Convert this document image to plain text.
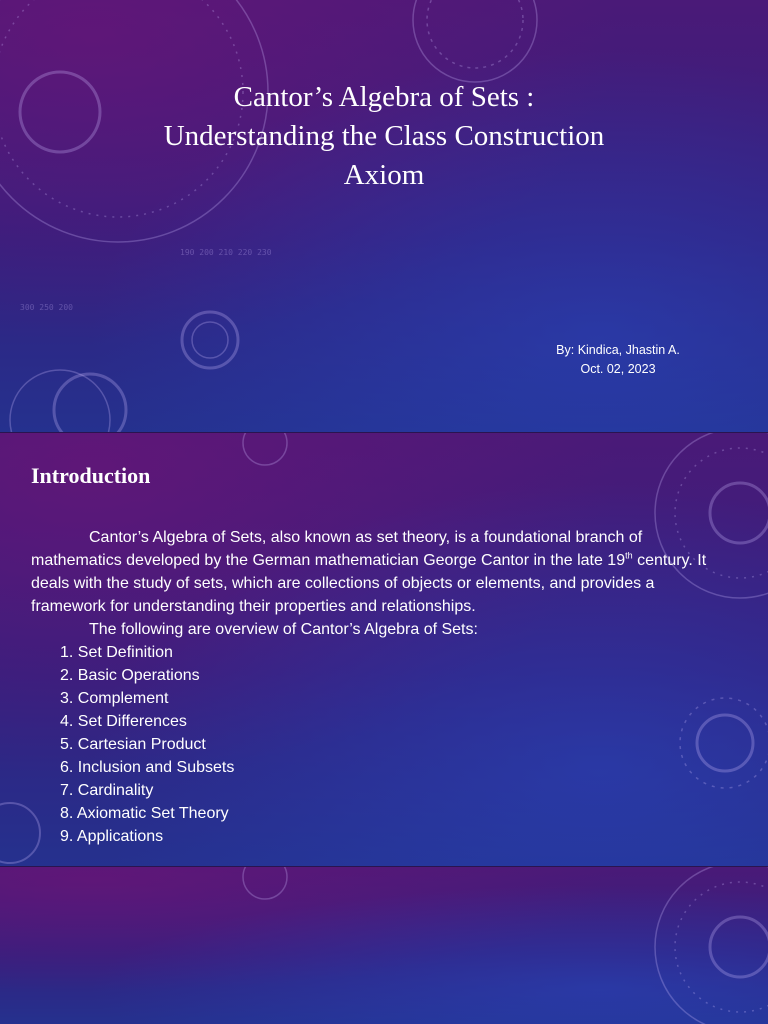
300 250 200
190 200 210 220 230
Cantor’s Algebra of Sets :
Understanding the Class Construction
Axiom
By: Kindica, Jhastin A.
Oct. 02, 2023
Introduction

Cantor’s Algebra of Sets, also known as set theory, is a foundational branch of mathematics developed by the German mathematician George Cantor in the late 19th century. It deals with the study of sets, which are collections of objects or elements, and provides a framework for understanding their properties and relationships.

The following are overview of Cantor’s Algebra of Sets:

1. Set Definition
2. Basic Operations
3. Complement
4. Set Differences
5. Cartesian Product
6. Inclusion and Subsets
7. Cardinality
8. Axiomatic Set Theory
9. Applications
